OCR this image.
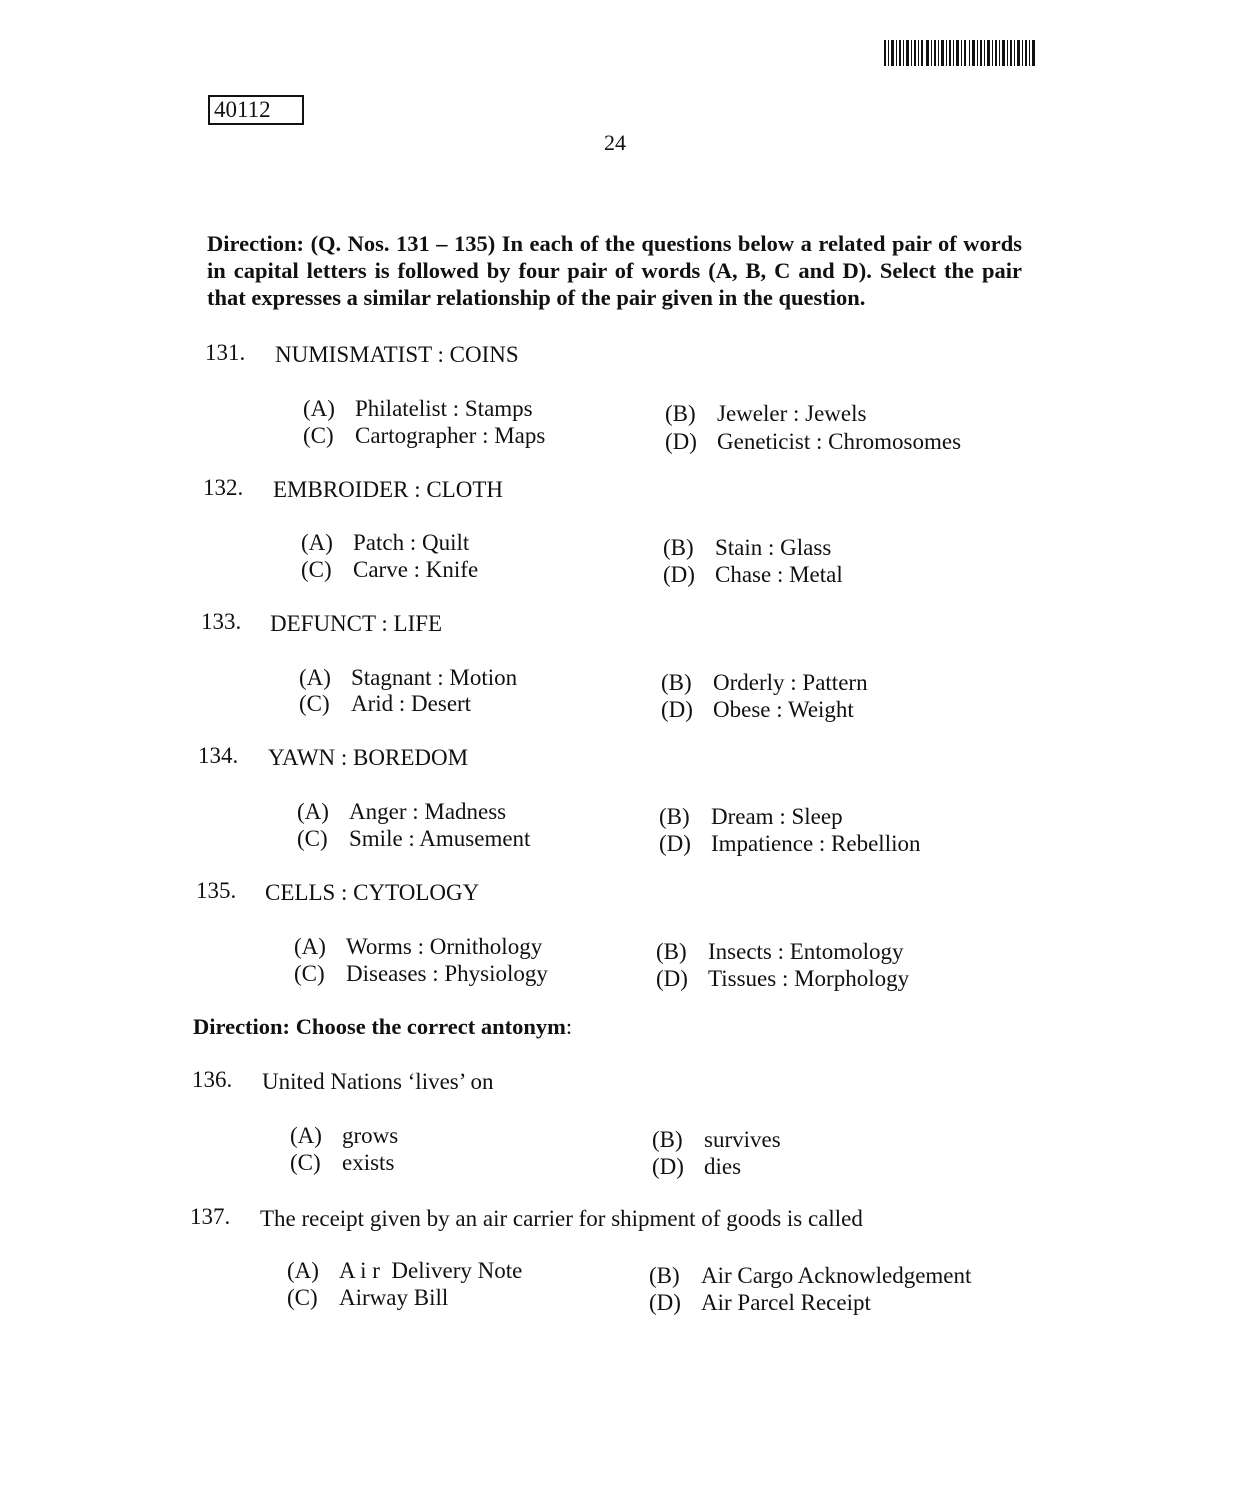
40112
24
Direction: (Q. Nos. 131 – 135) In each of the questions below a related pair of words in capital letters is followed by four pair of words (A, B, C and D). Select the pair that expresses a similar relationship of the pair given in the question.
131. NUMISMATIST : COINS
(A) Philatelist : Stamps
(C) Cartographer : Maps
(B) Jeweler : Jewels
(D) Geneticist : Chromosomes
132. EMBROIDER : CLOTH
(A) Patch : Quilt
(C) Carve : Knife
(B) Stain : Glass
(D) Chase : Metal
133. DEFUNCT : LIFE
(A) Stagnant : Motion
(C) Arid : Desert
(B) Orderly : Pattern
(D) Obese : Weight
134. YAWN : BOREDOM
(A) Anger : Madness
(C) Smile : Amusement
(B) Dream : Sleep
(D) Impatience : Rebellion
135. CELLS : CYTOLOGY
(A) Worms : Ornithology
(C) Diseases : Physiology
(B) Insects : Entomology
(D) Tissues : Morphology
Direction: Choose the correct antonym:
136. United Nations ‘lives’ on
(A) grows
(C) exists
(B) survives
(D) dies
137. The receipt given by an air carrier for shipment of goods is called
(A) A i r  Delivery Note
(C) Airway Bill
(B) Air Cargo Acknowledgement
(D) Air Parcel Receipt
